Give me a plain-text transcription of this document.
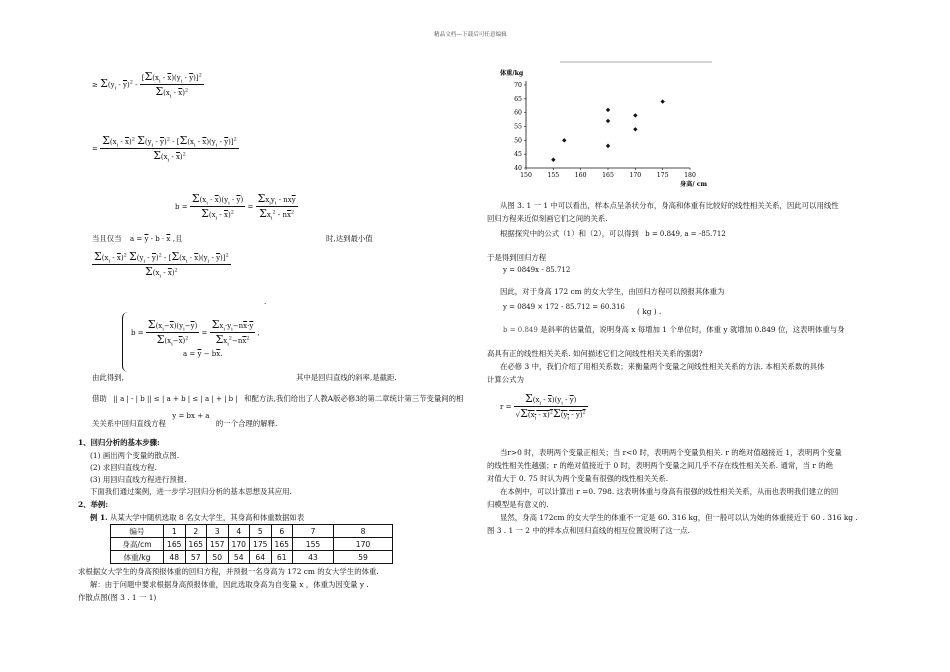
精品文档---下载后可任意编辑
≥ $\Sigma(y_i - \overline{y})^2 - \frac{[\Sigma(x_i - \overline{x})(y_i - \overline{y})]^2}{\Sigma(x_i - \overline{x})^2}$
= $\frac{\Sigma(x_i - \overline{x})^2 \Sigma(y_i - \overline{y})^2 - [\Sigma(x_i - \overline{x})(y_i - \overline{y})]^2}{\Sigma(x_i - \overline{x})^2}$
$b = \frac{\Sigma(x_i - \overline{x})(y_i - \overline{y})}{\Sigma(x_i - \overline{x})^2} = \frac{\Sigma x_iy_i - nx\overline{y}}{\Sigma x_i^2 - n\overline{x}^2}$
当且仅当 $a = \overline{y} - b \cdot \overline{x}$ ,且	时,达到最小值
$\frac{\Sigma(x_i - \overline{x})^2 \Sigma(y_i - \overline{y})^2 - [\Sigma(x_i - \overline{x})(y_i - \overline{y})]^2}{\Sigma(x_i - \overline{x})^2}$
.
$b = \frac{\Sigma(x_i-\overline{x})(y_i-\overline{y})}{\Sigma(x_i-\overline{x})^2} = \frac{\Sigma x_i\cdot y_i-n\overline{x}\cdot\overline{y}}{\Sigma x_i^2-n\overline{x}^2}$ ,
$a = \overline{y} - b\overline{x}$.
由此得到,	其中是回归直线的斜率,是截距.
借助 || a | - | b || ≤ | a + b | ≤ | a | + | b | 和配方法,我们给出了人教A版必修3的第二章统计第三节变量间的相
关关系中回归直线方程 y = bx + a 的一个合理的解释.
1、回归分析的基本步骤:
(1) 画出两个变量的散点图.
(2) 求回归直线方程.
(3) 用回归直线方程进行预报.
下面我们通过案例，进一步学习回归分析的基本思想及其应用.
2、举例:
例 1. 从某大学中随机选取 8 名女大学生，其身高和体重数据如表
编号	1	2	3	4	5	6	7	8
身高/cm	165	165	157	170	175	165	155	170
体重/kg	48	57	50	54	64	61	43	59
求根据女大学生的身高预报体重的回归方程，并预报一名身高为 172 cm 的女大学生的体重.
解：由于问题中要求根据身高预报体重，因此选取身高为自变量 x ，体重为因变量 y .
作散点图(图 3 . 1 一 1)
体重/kg
身高/ cm
150	155	160	165	170	175	180
40
45
50
55
60
65
70
从图 3. 1 一 1 中可以看出，样本点呈条状分布，身高和体重有比较好的线性相关关系，因此可以用线性
回归方程来近似刻画它们之间的关系.
根据探究中的公式（1）和（2），可以得到 b = 0.849, a = -85.712
于是得到回归方程
y = 0849x - 85.712
因此，对于身高 172 cm 的女大学生，由回归方程可以预报其体重为
y = 0849 × 172 - 85.712 = 60.316 ( kg ) .
b = 0.849 是斜率的估量值，说明身高 x 每增加 1 个单位时，体重 y 就增加 0.849 位，这表明体重与身
高具有正的线性相关关系. 如何描述它们之间线性相关关系的强弱?
在必修 3 中，我们介绍了用相关系数；来衡量两个变量之间线性相关关系的方法. 本相关系数的具体
计算公式为
$r = \frac{\Sigma(x_i - \overline{x})(y_i - \overline{y})}{√\Sigma(x_i - x)^2\Sigma(y_i - y)^2}$
当r>0 时，表明两个变量正相关；当 r<0 时，表明两个变量负相关. r 的绝对值越接近 1，表明两个变量
的线性相关性越强；r 的绝对值接近于 0 时，表明两个变量之间几乎不存在线性相关关系. 通常，当 r 的绝
对值大于 0. 75 时认为两个变量有很强的线性相关关系.
在本例中，可以计算出 r =0. 798. 这表明体重与身高有很强的线性相关关系，从而也表明我们建立的回
归模型是有意义的.
显然，身高 172cm 的女大学生的体重不一定是 60. 316 kg，但一般可以认为她的体重接近于 60 . 316 kg .
图 3 . 1 一 2 中的样本点和回归直线的相互位置说明了这一点.
